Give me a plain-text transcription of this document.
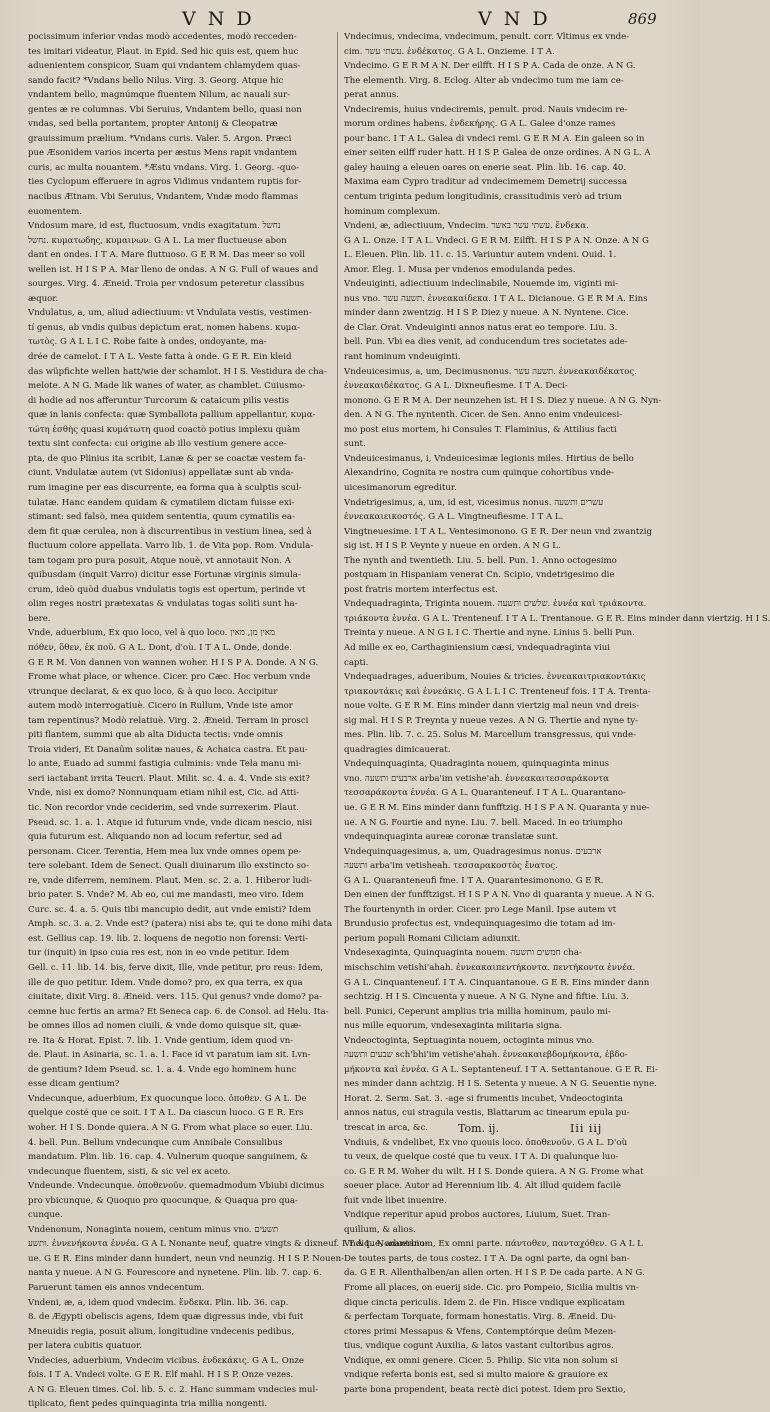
V N D	V N D	869
pocissimum inferior vndas modò accedentes, modò recceden-
tes imitari videatur, Plaut. in Epid. Sed hic quis est, quem huc
aduenientem conspicor, Suam qui vndantem chlamydem quas-
sando facit? *Vndans bello Nilus. Virg. 3. Georg. Atque hic
vndantem bello, magnúmque fluentem Nilum, ac nauali sur-
gentes æ re columnas. Vbi Seruius, Vndantem bello, quasi non
vndas, sed bella portantem, propter Antonij & Cleopatræ
grauissimum prælium. *Vndans curis. Valer. 5. Argon. Præci
pue Æsonidem varios incerta per æstus Mens rapit vndantem
curis, ac multa nouantem. *Æstu vndans. Virg. 1. Georg. -quo-
ties Cyclopum efferuere in agros Vidimus vndantem ruptis for-
nacibus Ætnam. Vbi Seruius, Vndantem, Vndæ modo flammas
euomentem.
Vndosum mare, id est, fluctuosum, vndis exagitatum. נחשל
נחשל. κυματωδης, κυμαινων. G A L. La mer fluctueuse abon
dant en ondes. I T A. Mare fluttuoso. G E R M. Das meer so voll
wellen ist. H I S P A. Mar lleno de ondas. A N G. Full of waues and
sourges. Virg. 4. Æneid. Troia per vndosum peteretur classibus
æquor.
Vndulatus, a, um, aliud adiectiuum: vt Vndulata vestis, vestimen-
tí genus, ab vndis quibus depictum erat, nomen habens. κυμα-
τωτὸς. G A L L I C. Robe faite à ondes, ondoyante, ma-
drée de camelot. I T A L. Veste fatta à onde. G E R. Ein kleid
das wüpfichte wellen hatt/wie der schamlot. H I S. Vestidura de cha-
melote. A N G. Made lik wanes of water, as chamblet. Cuiusmo-
di hodie ad nos afferuntur Turcorum & cataicum pilis vestis
quæ in lanis confecta: quæ Symballota pallium appellantur, κυμα-
τώτη ἐσθὴς quasi κυμάτωτη quod coactò potius implexu quàm
textu sint confecta: cui origine ab illo vestium genere acce-
pta, de quo Plinius ita scribit, Lanæ & per se coactæ vestem fa-
ciunt. Vndulatæ autem (vt Sidonius) appellatæ sunt ab vnda-
rum imagine per eas discurrente, ea forma qua à sculptis scul-
tulatæ. Hanc eandem quidam & cymatilem dictam fuisse exi-
stimant: sed falsò, mea quidem sententia, quum cymatilis ea-
dem fit quæ cerulea, non à discurrentibus in vestium linea, sed à
fluctuum colore appellata. Varro lib. 1. de Vita pop. Rom. Vndula-
tam togam pro pura posuit, Atque nouè, vt annotauit Non. A
quibusdam (inquit Varro) dicitur esse Fortunæ virginis simula-
crum, ideò quòd duabus vndulatis togis est opertum, perinde vt
olim reges nostri prætexatas & vndulatas togas soliti sunt ha-
bere.
Vnde, aduerbium, Ex quo loco, vel à quo loco. מאין מן, מאין
πόθεν, ὅθεν, ἐκ ποῦ. G A L. Dont, d'où. I T A L. Onde, donde.
G E R M. Von dannen von wannen woher. H I S P A. Donde. A N G.
Frome what place, or whence. Cicer. pro Cæc. Hoc verbum vnde
vtrunque declarat, & ex quo loco, & à quo loco. Accipitur
autem modò interrogatiuè. Cicero in Rullum, Vnde iste amor
tam repentinus? Modò relatiuè. Virg. 2. Æneid. Terram in prosci
piti flantem, summi que ab alta Diducta tectis: vnde omnis
Troia videri, Et Danaûm solitæ naues, & Achaica castra. Et pau-
lo ante, Euado ad summi fastigia culminis: vnde Tela manu mi-
seri iactabant irrita Teucri. Plaut. Milit. sc. 4. a. 4. Vnde sis exit?
Vnde, nisi ex domo? Nonnunquam etiam nihil est, Cic. ad Atti-
tic. Non recordor vnde ceciderim, sed vnde surrexerim. Plaut.
Pseud. sc. 1. a. 1. Atque id futurum vnde, vnde dicam nescio, nisi
quia futurum est. Aliquando non ad locum refertur, sed ad
personam. Cicer. Terentia, Hem mea lux vnde omnes opem pe-
tere solebant. Idem de Senect. Quali diuinarum illo exstincto so-
re, vnde diferrem, neminem. Plaut. Men. sc. 2. a. 1. Hiberor ludi-
brio pater. S. Vnde? M. Ab eo, cui me mandasti, meo viro. Idem
Curc. sc. 4. a. 5. Quis tibi mancupio dedit, aut vnde emisti? Idem
Amph. sc. 3. a. 2. Vnde est? (patera) nisi abs te, qui te dono mihi data
est. Gellius cap. 19. lib. 2. loquens de negotio non forensi: Verti-
tur (inquit) in ipso cuia res est, non in eo vnde petitur. Idem
Gell. c. 11. lib. 14. bis, ferve dixit, Ille, vnde petitur, pro reus: Idem,
ille de quo petitur. Idem. Vnde domo? pro, ex qua terra, ex qua
ciuitate, dixit Virg. 8. Æneid. vers. 115. Qui genus? vnde domo? pa-
cemne huc fertis an arma? Et Seneca cap. 6. de Consol. ad Helu. Ita-
be omnes illos ad nomen ciuili, & vnde domo quisque sit, quæ-
re. Ita & Horat. Epist. 7. lib. 1. Vnde gentium, idem quod vn-
de. Plaut. in Asinaria, sc. 1. a. 1. Face id vt paratum iam sit. Lvn-
de gentium? Idem Pseud. sc. 1. a. 4. Vnde ego hominem hunc
esse dicam gentium?
Vndecunque, aduerbium, Ex quocunque loco. ὁποθεν. G A L. De
quelque costé que ce soit. I T A L. Da ciascun luoco. G E R. Ers
woher. H I S. Donde quiera. A N G. From what place so euer. Liu.
4. bell. Pun. Bellum vndecunque cum Annibale Consulibus
mandatum. Plin. lib. 16. cap. 4. Vulnerum quoque sanguinem, &
vndecunque fluentem, sisti, & sic vel ex aceto.
Vndeunde. Vndecunque. ὁποθενοῦν. quemadmodum Vbiubi dicimus
pro vbicunque, & Quoquo pro quocunque, & Quaqua pro qua-
cunque.
Vndenonum, Nonaginta nouem, centum minus vno. תשעים
ותשע. ἐννενήκοντα ἐννέα. G A L Nonante neuf, quatre vingts & dixneuf. I T A L. Nonantano-
ue. G E R. Eins minder dann hundert, neun vnd neunzig. H I S P. Nouen-
nanta y nueue. A N G. Fourescore and nynetene. Plin. lib. 7. cap. 6.
Paruerunt tamen eis annos vndecentum.
Vndeni, æ, a, idem quod vndecim. ἕνδεκα. Plin. lib. 36. cap.
8. de Ægypti obeliscis agens, Idem quæ digressus inde, vbi fuit
Mneuidis regia, posuit alium, longitudine vndecenis pedibus,
per latera cubitis quatuor.
Vndecies, aduerbium, Vndecim vicibus. ἑνδεκάκις. G A L. Onze
fois. I T A. Vndeci volte. G E R. Elf mahl. H I S P. Onze vezes.
A N G. Eleuen times. Col. lib. 5. c. 2. Hanc summam vndecies mul-
tiplicato, fient pedes quinquaginta tria millia nongenti.
Vndecimus, vndecima, vndecimum, penult. corr. Vltimus ex vnde-
cim. עשתי עשר. ἑνδέκατος. G A L. Onzieme. I T A.
Vndecimo. G E R M A N. Der eilfft. H I S P A. Cada de onze. A N G.
The elementh. Virg. 8. Eclog. Alter ab vndecimo tum me iam ce-
perat annus.
Vndeciremis, huius vndeciremis, penult. prod. Nauis vndecim re-
morum ordines habens. ἑνδεκήρης. G A L. Galee d'onze rames
pour banc. I T A L. Galea di vndeci remi. G E R M A. Ein galeen so in
einer seiten eilff ruder hatt. H I S P. Galea de onze ordines. A N G L. A
galey hauing a eleuen oares on enerie seat. Plin. lib. 16. cap. 40.
Maxima eam Cypro traditur ad vndecimemem Demetrij successa
centum triginta pedum longitudinis, crassitudinis verò ad trium
hominum complexum.
Vndeni, æ, adiectiuum, Vndecim. עשתי עשר באשר. ἕνδεκα.
G A L. Onze. I T A L. Vndeci. G E R M. Eilfft. H I S P A N. Onze. A N G
L. Eleuen. Plin. lib. 11. c. 15. Variuntur autem vndeni. Ouid. 1.
Amor. Eleg. 1. Musa per vndenos emodulanda pedes.
Vndeuiginti, adiectiuum indeclinabile, Nouemde im, viginti mi-
nus vno. תשעה עשר. ἐννεακαίδεκα. I T A L. Dicianoue. G E R M A. Eins
minder dann zwentzig. H I S P. Diez y nueue. A N. Nyntene. Cice.
de Clar. Orat. Vndeuiginti annos natus erat eo tempore. Liu. 3.
bell. Pun. Vbi ea dies venit, ad conducendum tres societates ade-
rant hominum vndeuiginti.
Vndeuicesimus, a, um, Decimusnonus. תשעה עשר. ἐννεακαιδέκατος.
ἐννεακαιδέκατος. G A L. Dixneufiesme. I T A. Deci-
monono. G E R M A. Der neunzehen ist. H I S. Diez y nueue. A N G. Nyn-
den. A N G. The nyntenth. Cicer. de Sen. Anno enim vndeuicesi-
mo post eius mortem, hi Consules T. Flaminius, & Attilius facti
sunt.
Vndeuicesimanus, i, Vndeuicesimæ legionis miles. Hirtius de bello
Alexandrino, Cognita re nostra cum quinque cohortibus vnde-
uicesimanorum egreditur.
Vndetrigesimus, a, um, id est, vicesimus nonus. עשרים ותשעה
ἐννεακαιεικοστός. G A L. Vingtneufiesme. I T A L.
Vingtneuesime. I T A L. Ventesimonono. G E R. Der neun vnd zwantzig
sig ist. H I S P. Veynte y nueue en orden. A N G L.
The nynth and twentieth. Liu. 5. bell. Pun. 1. Anno octogesimo
postquam in Hispaniam venerat Cn. Scipio, vndetrigesimo die
post fratris mortem interfectus est.
Vndequadraginta, Triginta nouem. שלשים ותשעה. ἐννέα καὶ τριάκοντα.
τριάκοντα ἐννέα. G A L. Trenteneuf. I T A L. Trentanoue. G E R. Eins minder dann viertzig. H I S.
Treinta y nueue. A N G L I C. Thertie and nyne. Linius 5. belli Pun.
Ad mille ex eo, Carthaginiensium cæsi, vndequadraginta viui
capti.
Vndequadrages, adueribum, Nouies & tricies. ἐννεακαιτριακοντάκις
τριακοντάκις καὶ ἐννεάκις. G A L L I C. Trenteneuf fois. I T A. Trenta-
noue volte. G E R M. Eins minder dann viertzig mal neun vnd dreis-
sig mal. H I S P. Treynta y nueue vezes. A N G. Thertie and nyne ty-
mes. Plin. lib. 7. c. 25. Solus M. Marcellum transgressus, qui vnde-
quadragies dimicauerat.
Vndequinquaginta, Quadraginta nouem, quinquaginta minus
vno. ארבעים ותשעה arba'im vetishe'ah. ἐννεακαιτεσσαράκοντα
τεσσαράκοντα ἐννέα. G A L. Quaranteneuf. I T A L. Quarantano-
ue. G E R M. Eins minder dann funfftzig. H I S P A N. Quaranta y nue-
ue. A N G. Fourtie and nyne. Liu. 7. bell. Maced. In eo triumpho
vndequinquaginta aureæ coronæ translatæ sunt.
Vndequinquagesimus, a, um, Quadragesimus nonus. ארבעים
ותשעה arba'im vetisheah. τεσσαρακοστὸς ἔνατος.
G A L. Quaranteneufi fme. I T A. Quarantesimonono. G E R.
Den einen der funfftzigst. H I S P A N. Vno di quaranta y nueue. A N G.
The fourtenynth in order. Cicer. pro Lege Manil. Ipse autem vt
Brundusio profectus est, vndequinquagesimo die totam ad im-
perium populi Romani Ciliciam adiunxit.
Vndesexaginta, Quinquaginta nouem. חמשים ותשעה cha-
mischschim vetishi'ahah. ἐννεακαιπεντήκοντα. πεντήκοντα ἐννέα.
G A L. Cinquanteneuf. I T A. Cinquantanoue. G E R. Eins minder dann
sechtzig. H I S. Cincuenta y nueue. A N G. Nyne and fiftie. Liu. 3.
bell. Punici, Ceperunt amplius tria millia hominum, paulo mi-
nus mille equorum, vndesexaginta militaria signa.
Vndeoctoginta, Septuaginta nouem, octoginta minus vno.
שבעים ותשעה sch'bhi'im vetishe'ahah. ἐννεακαιεβδομήκοντα, ἑβδο-
μήκοντα καὶ ἐννέα. G A L. Septanteneuf. I T A. Settantanoue. G E R. Ei-
nes minder dann achtzig. H I S. Setenta y nueue. A N G. Seuentie nyne.
Horat. 2. Serm. Sat. 3. -age si frumentis incubet, Vndeoctoginta
annos natus, cui stragula vestis, Blattarum ac tinearum epula pu-
trescat in arca, &c.
Vndiuis, & vndelibet, Ex vno quouis loco. ὁποθενοῦν. G A L. D'où
tu veux, de quelque costé que tu veux. I T A. Di qualunque luo-
co. G E R M. Woher du wilt. H I S. Donde quiera. A N G. Frome what
soeuer place. Autor ad Herennium lib. 4. Alt illud quidem facilè
fuit vnde libet inuenire.
Vndique reperitur apud probos auctores, Liuium, Suet. Tran-
quillum, & alios.
Vndique, aduerbium, Ex omni parte. πάντοθεν, πανταχόθεν. G A L L
De toutes parts, de tous costez. I T A. Da ogni parte, da ogni ban-
da. G E R. Allenthalben/an allen orten. H I S P. De cada parte. A N G.
Frome all places, on euerij side. Cic. pro Pompeio, Sicilia multis vn-
dique cincta periculis. Idem 2. de Fin. Hisce vndique explicatam
& perfectam Torquate, formam honestatis. Virg. 8. Æneid. Du-
ctores primi Messapus & Vfens, Contemptórque deûm Mezen-
tius, vndique cogunt Auxilia, & latos vastant cultoribus agros.
Vndique, ex omni genere. Cicer. 5. Philip. Sic vita non solum si
vndique referta bonis est, sed si multo maiore & grauiore ex
parte bona propendent, beata rectè dici potest. Idem pro Sextio,
Tom. ij.	Iii iij
